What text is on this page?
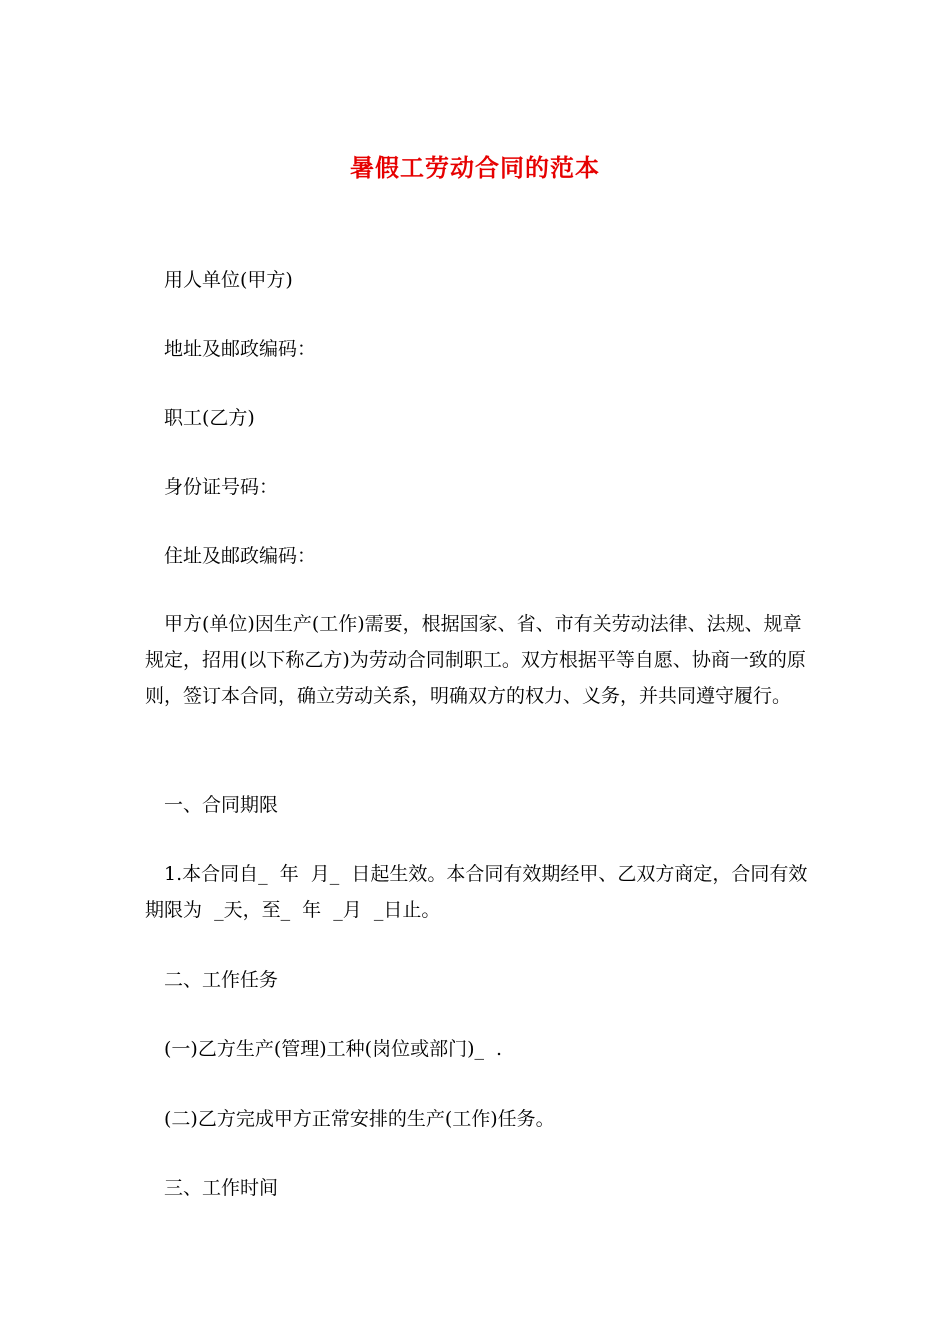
暑假工劳动合同的范本

用人单位(甲方)

地址及邮政编码：

职工(乙方)

身份证号码：

住址及邮政编码：

甲方(单位)因生产(工作)需要，根据国家、省、市有关劳动法律、法规、规章规定，招用(以下称乙方)为劳动合同制职工。双方根据平等自愿、协商一致的原则，签订本合同，确立劳动关系，明确双方的权力、义务，并共同遵守履行。

一、合同期限

1.本合同自_  年  月_  日起生效。本合同有效期经甲、乙双方商定，合同有效期限为  _天，至_  年  _月  _日止。

二、工作任务

(一)乙方生产(管理)工种(岗位或部门)_  .

(二)乙方完成甲方正常安排的生产(工作)任务。

三、工作时间
